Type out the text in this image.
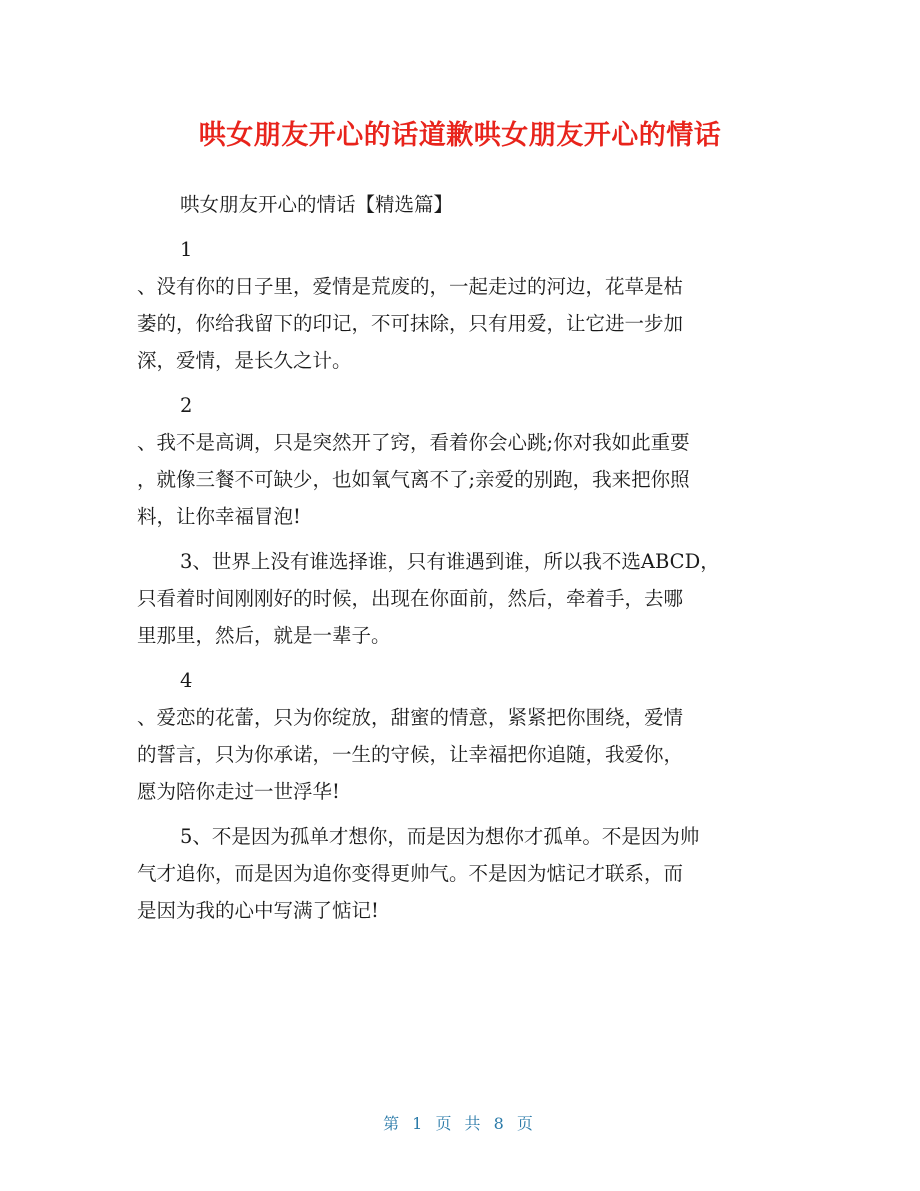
哄女朋友开心的话道歉哄女朋友开心的情话
哄女朋友开心的情话【精选篇】
1
、没有你的日子里，爱情是荒废的，一起走过的河边，花草是枯
萎的，你给我留下的印记，不可抹除，只有用爱，让它进一步加
深，爱情，是长久之计。
2
、我不是高调，只是突然开了窍，看着你会心跳;你对我如此重要
，就像三餐不可缺少，也如氧气离不了;亲爱的别跑，我来把你照
料，让你幸福冒泡!
3、世界上没有谁选择谁，只有谁遇到谁，所以我不选ABCD，
只看着时间刚刚好的时候，出现在你面前，然后，牵着手，去哪
里那里，然后，就是一辈子。
4
、爱恋的花蕾，只为你绽放，甜蜜的情意，紧紧把你围绕，爱情
的誓言，只为你承诺，一生的守候，让幸福把你追随，我爱你，
愿为陪你走过一世浮华!
5、不是因为孤单才想你，而是因为想你才孤单。不是因为帅
气才追你，而是因为追你变得更帅气。不是因为惦记才联系，而
是因为我的心中写满了惦记!
第 1 页 共 8 页
